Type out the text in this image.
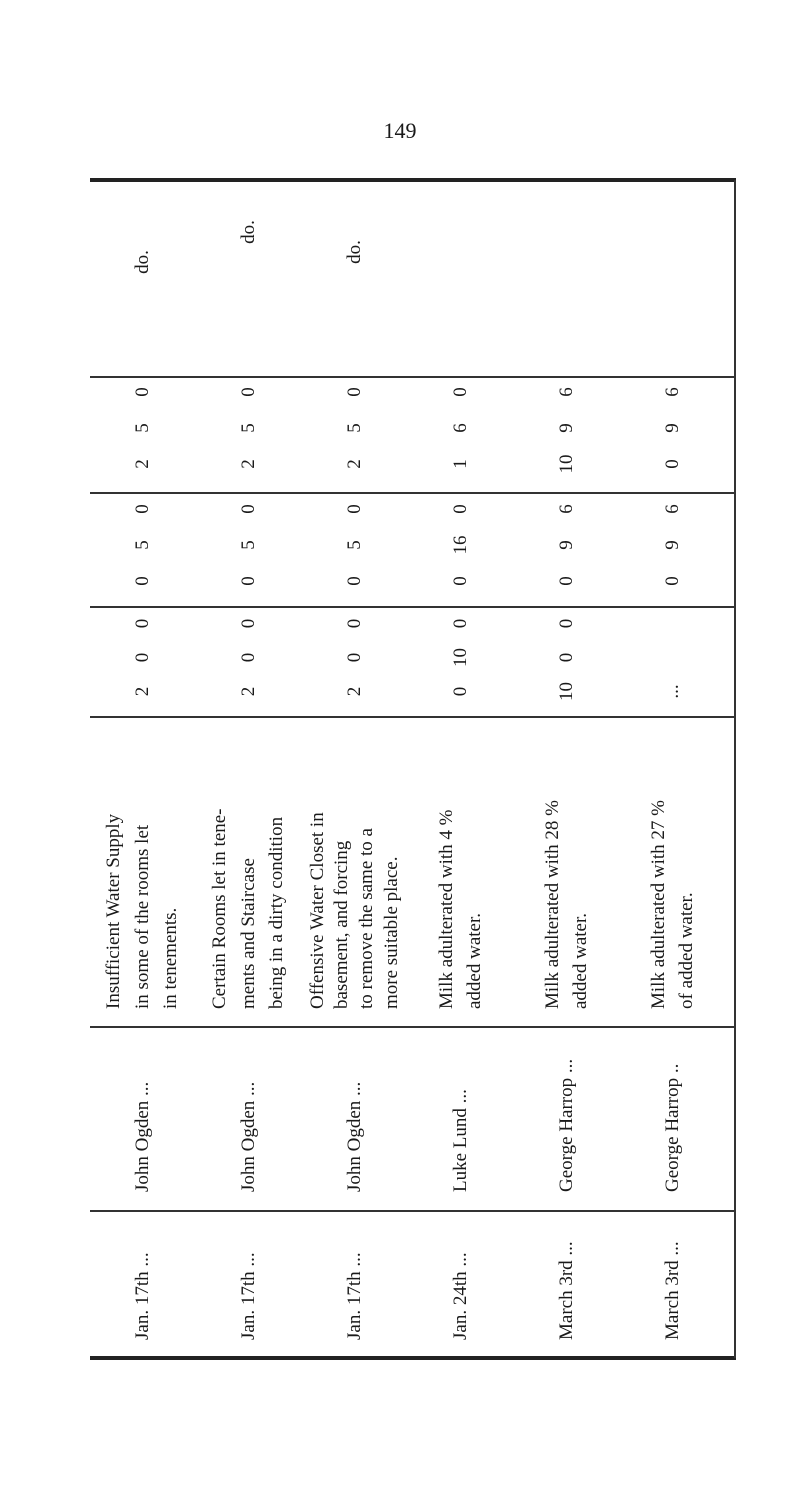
149
Jan. 17th ...
John Ogden ...
Insufficient Water Supply in some of the rooms let in tenements.
2
0
0
0
5
0
2
5
0
do.
Jan. 17th ...
John Ogden ...
Certain Rooms let in tene- ments and Staircase being in a dirty condition
2
0
0
0
5
0
2
5
0
do.
Jan. 17th ...
John Ogden ...
Offensive Water Closet in basement, and forcing to remove the same to a more suitable place.
2
0
0
0
5
0
2
5
0
do.
Jan. 24th ...
Luke Lund ...
Milk adulterated with 4 % added water.
0
10
0
0
16
0
1
6
0
March 3rd ...
George Harrop ...
Milk adulterated with 28 % added water.
10
0
0
0
9
6
10
9
6
March 3rd ...
George Harrop ..
Milk adulterated with 27 % of added water.
...
0
9
6
0
9
6
